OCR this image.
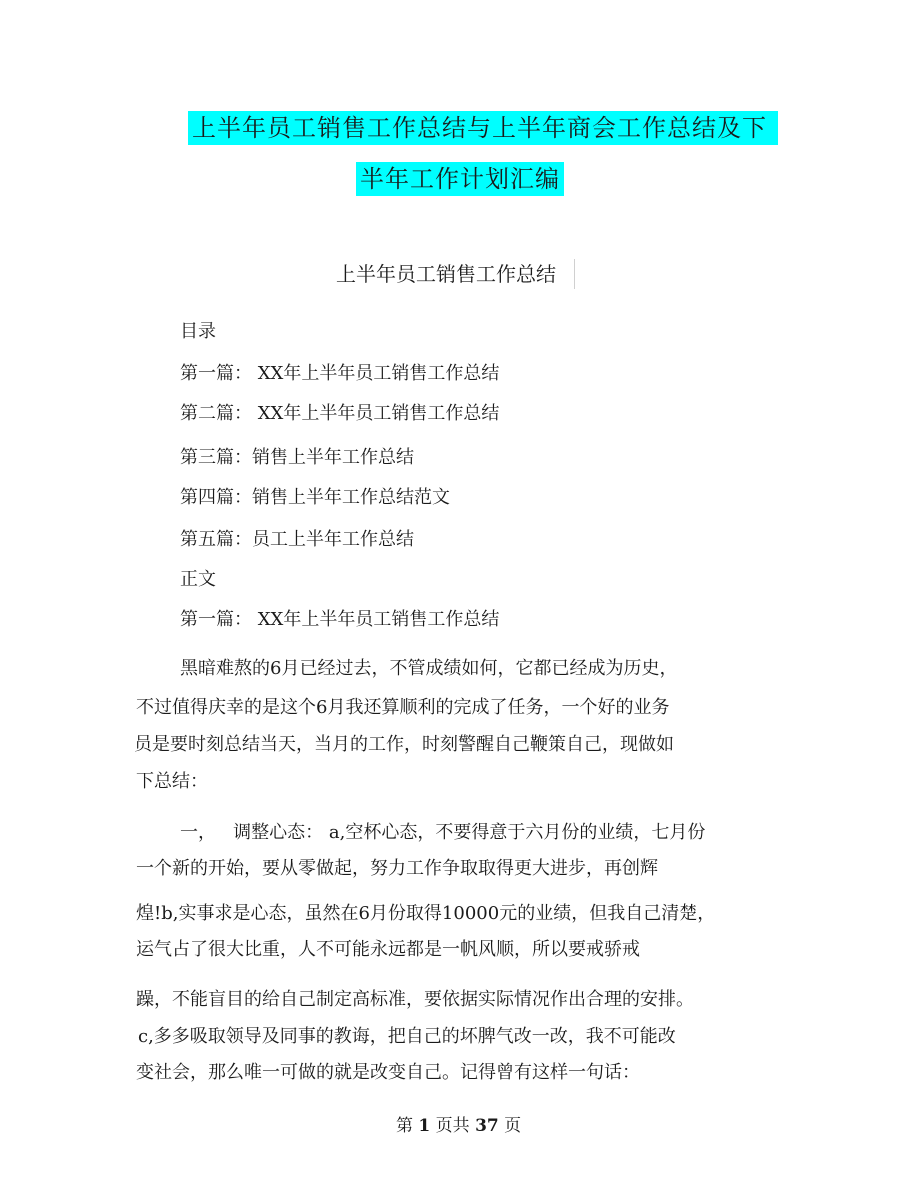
上半年员工销售工作总结与上半年商会工作总结及下
半年工作计划汇编
上半年员工销售工作总结
目录
第一篇： XX年上半年员工销售工作总结
第二篇： XX年上半年员工销售工作总结
第三篇：销售上半年工作总结
第四篇：销售上半年工作总结范文
第五篇：员工上半年工作总结
正文
第一篇： XX年上半年员工销售工作总结
黑暗难熬的6月已经过去，不管成绩如何，它都已经成为历史，
不过值得庆幸的是这个6月我还算顺利的完成了任务，一个好的业务
员是要时刻总结当天，当月的工作，时刻警醒自己鞭策自己，现做如
下总结：
一，   调整心态： a,空杯心态，不要得意于六月份的业绩，七月份
一个新的开始，要从零做起，努力工作争取取得更大进步，再创辉
煌!b,实事求是心态，虽然在6月份取得10000元的业绩，但我自己清楚，
运气占了很大比重，人不可能永远都是一帆风顺，所以要戒骄戒
躁，不能盲目的给自己制定高标准，要依据实际情况作出合理的安排。
c,多多吸取领导及同事的教诲，把自己的坏脾气改一改，我不可能改
变社会，那么唯一可做的就是改变自己。记得曾有这样一句话：
第 1 页共 37 页
